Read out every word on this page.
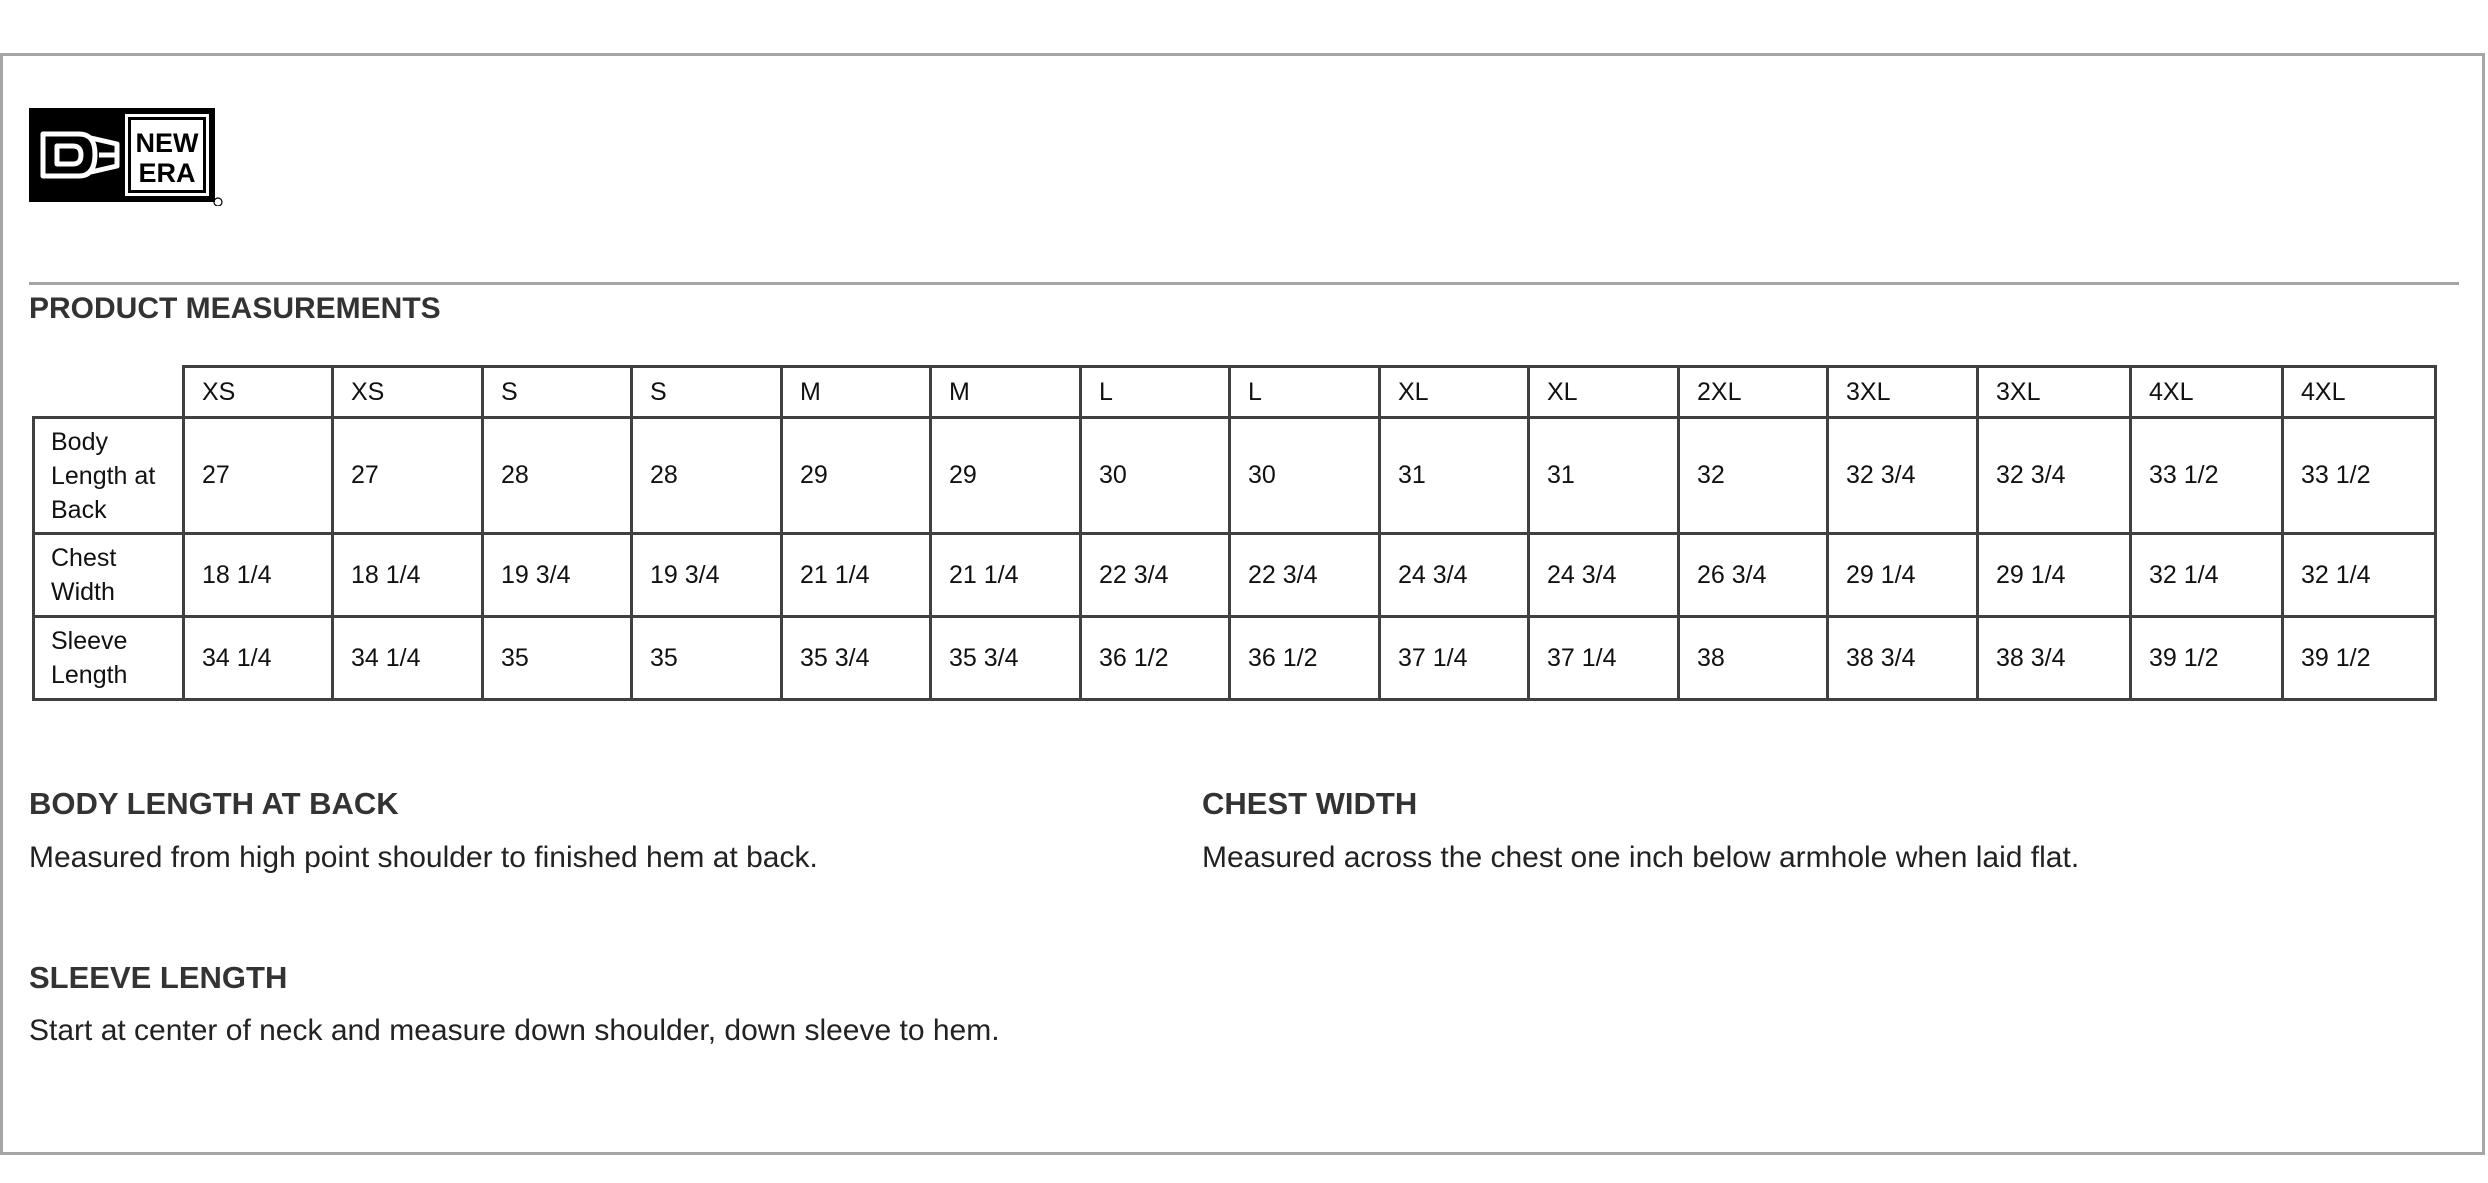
NEW
ERA
PRODUCT MEASUREMENTS
	XS	XS	S	S	M	M	L	L	XL	XL	2XL	3XL	3XL	4XL	4XL
Body Length at Back	27	27	28	28	29	29	30	30	31	31	32	32 3/4	32 3/4	33 1/2	33 1/2
Chest Width	18 1/4	18 1/4	19 3/4	19 3/4	21 1/4	21 1/4	22 3/4	22 3/4	24 3/4	24 3/4	26 3/4	29 1/4	29 1/4	32 1/4	32 1/4
Sleeve Length	34 1/4	34 1/4	35	35	35 3/4	35 3/4	36 1/2	36 1/2	37 1/4	37 1/4	38	38 3/4	38 3/4	39 1/2	39 1/2
BODY LENGTH AT BACK

Measured from high point shoulder to finished hem at back.

CHEST WIDTH

Measured across the chest one inch below armhole when laid flat.

SLEEVE LENGTH

Start at center of neck and measure down shoulder, down sleeve to hem.
